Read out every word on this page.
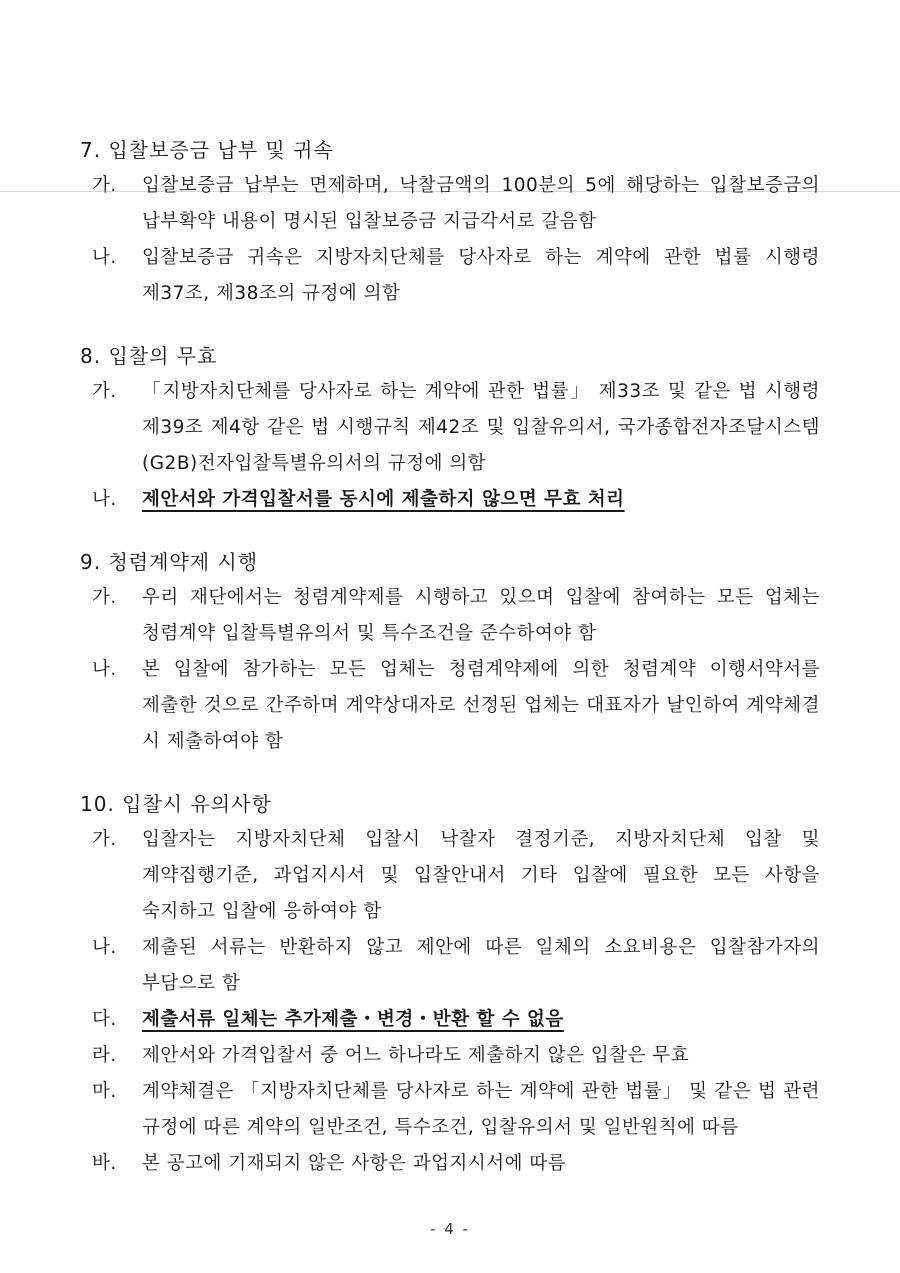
7. 입찰보증금 납부 및 귀속
가. 입찰보증금 납부는 면제하며, 낙찰금액의 100분의 5에 해당하는 입찰보증금의 납부확약 내용이 명시된 입찰보증금 지급각서로 갈음함
나. 입찰보증금 귀속은 지방자치단체를 당사자로 하는 계약에 관한 법률 시행령 제37조, 제38조의 규정에 의함
8. 입찰의 무효
가. 「지방자치단체를 당사자로 하는 계약에 관한 법률」 제33조 및 같은 법 시행령 제39조 제4항 같은 법 시행규칙 제42조 및 입찰유의서, 국가종합전자조달시스템(G2B)전자입찰특별유의서의 규정에 의함
나. 제안서와 가격입찰서를 동시에 제출하지 않으면 무효 처리
9. 청렴계약제 시행
가. 우리 재단에서는 청렴계약제를 시행하고 있으며 입찰에 참여하는 모든 업체는 청렴계약 입찰특별유의서 및 특수조건을 준수하여야 함
나. 본 입찰에 참가하는 모든 업체는 청렴계약제에 의한 청렴계약 이행서약서를 제출한 것으로 간주하며 계약상대자로 선정된 업체는 대표자가 날인하여 계약체결 시 제출하여야 함
10. 입찰시 유의사항
가. 입찰자는 지방자치단체 입찰시 낙찰자 결정기준, 지방자치단체 입찰 및 계약집행기준, 과업지시서 및 입찰안내서 기타 입찰에 필요한 모든 사항을 숙지하고 입찰에 응하여야 함
나. 제출된 서류는 반환하지 않고 제안에 따른 일체의 소요비용은 입찰참가자의 부담으로 함
다. 제출서류 일체는 추가제출・변경・반환 할 수 없음
라. 제안서와 가격입찰서 중 어느 하나라도 제출하지 않은 입찰은 무효
마. 계약체결은 「지방자치단체를 당사자로 하는 계약에 관한 법률」 및 같은 법 관련 규정에 따른 계약의 일반조건, 특수조건, 입찰유의서 및 일반원칙에 따름
바. 본 공고에 기재되지 않은 사항은 과업지시서에 따름
- 4 -
